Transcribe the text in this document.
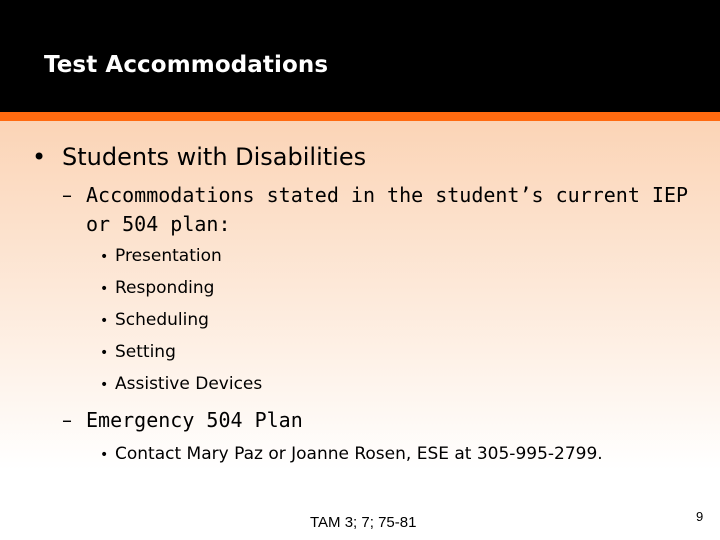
Test Accommodations
• Students with Disabilities
– Accommodations stated in the student’s current IEP or 504 plan:
• Presentation
• Responding
• Scheduling
• Setting
• Assistive Devices
– Emergency 504 Plan
• Contact Mary Paz or Joanne Rosen, ESE at 305-995-2799.
TAM 3; 7; 75-81	9
